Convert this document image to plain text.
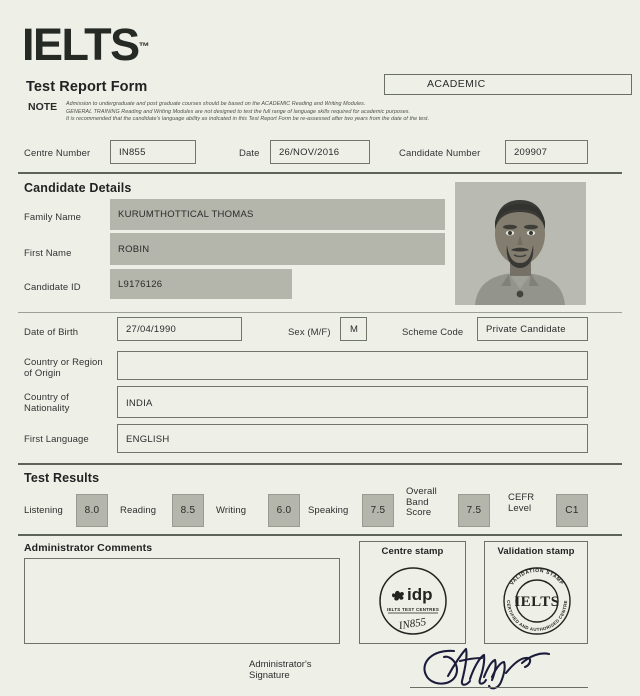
IELTS ™
Test Report Form	ACADEMIC
NOTE Admission to undergraduate and post graduate courses should be based on the ACADEMIC Reading and Writing Modules.
GENERAL TRAINING Reading and Writing Modules are not designed to test the full range of language skills required for academic purposes.
It is recommended that the candidate's language ability as indicated in this Test Report Form be re-assessed after two years from the date of the test.
Centre Number	IN855	Date 26/NOV/2016	Candidate Number	209907
Candidate Details
Family Name	KURUMTHOTTICAL THOMAS
First Name	ROBIN
Candidate ID	L9176126
Date of Birth	27/04/1990	Sex (M/F) M	Scheme Code Private Candidate
Country or Region
of Origin
Country of
Nationality	INDIA
First Language	ENGLISH
Test Results
Listening	8.0	Reading	8.5	Writing	6.0	Speaking	7.5
Overall
Band
Score	7.5
CEFR
Level	C1
Administrator Comments	Centre stamp
idp
IELTS TEST CENTRES
IN855
Validation stamp
VALIDATION STAMP
CERTIFIED AND AUTHORISED CENTRE
IELTS
Administrator's
Signature
